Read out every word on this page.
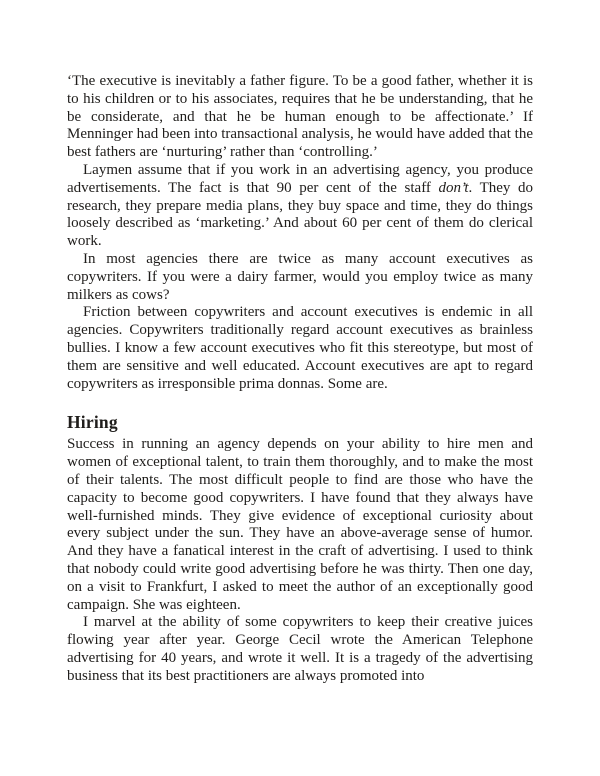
‘The executive is inevitably a father figure. To be a good father, whether it is to his children or to his associates, requires that he be understanding, that he be considerate, and that he be human enough to be affectionate.’ If Menninger had been into transactional analysis, he would have added that the best fathers are ‘nurturing’ rather than ‘controlling.’

Laymen assume that if you work in an advertising agency, you produce advertisements. The fact is that 90 per cent of the staff don’t. They do research, they prepare media plans, they buy space and time, they do things loosely described as ‘marketing.’ And about 60 per cent of them do clerical work.

In most agencies there are twice as many account executives as copywriters. If you were a dairy farmer, would you employ twice as many milkers as cows?

Friction between copywriters and account executives is endemic in all agencies. Copywriters traditionally regard account executives as brainless bullies. I know a few account executives who fit this stereotype, but most of them are sensitive and well educated. Account executives are apt to regard copywriters as irresponsible prima donnas. Some are.

Hiring

Success in running an agency depends on your ability to hire men and women of exceptional talent, to train them thoroughly, and to make the most of their talents. The most difficult people to find are those who have the capacity to become good copywriters. I have found that they always have well-furnished minds. They give evidence of exceptional curiosity about every subject under the sun. They have an above-average sense of humor. And they have a fanatical interest in the craft of advertising. I used to think that nobody could write good advertising before he was thirty. Then one day, on a visit to Frankfurt, I asked to meet the author of an exceptionally good campaign. She was eighteen.

I marvel at the ability of some copywriters to keep their creative juices flowing year after year. George Cecil wrote the American Telephone advertising for 40 years, and wrote it well. It is a tragedy of the advertising business that its best practitioners are always promoted into
